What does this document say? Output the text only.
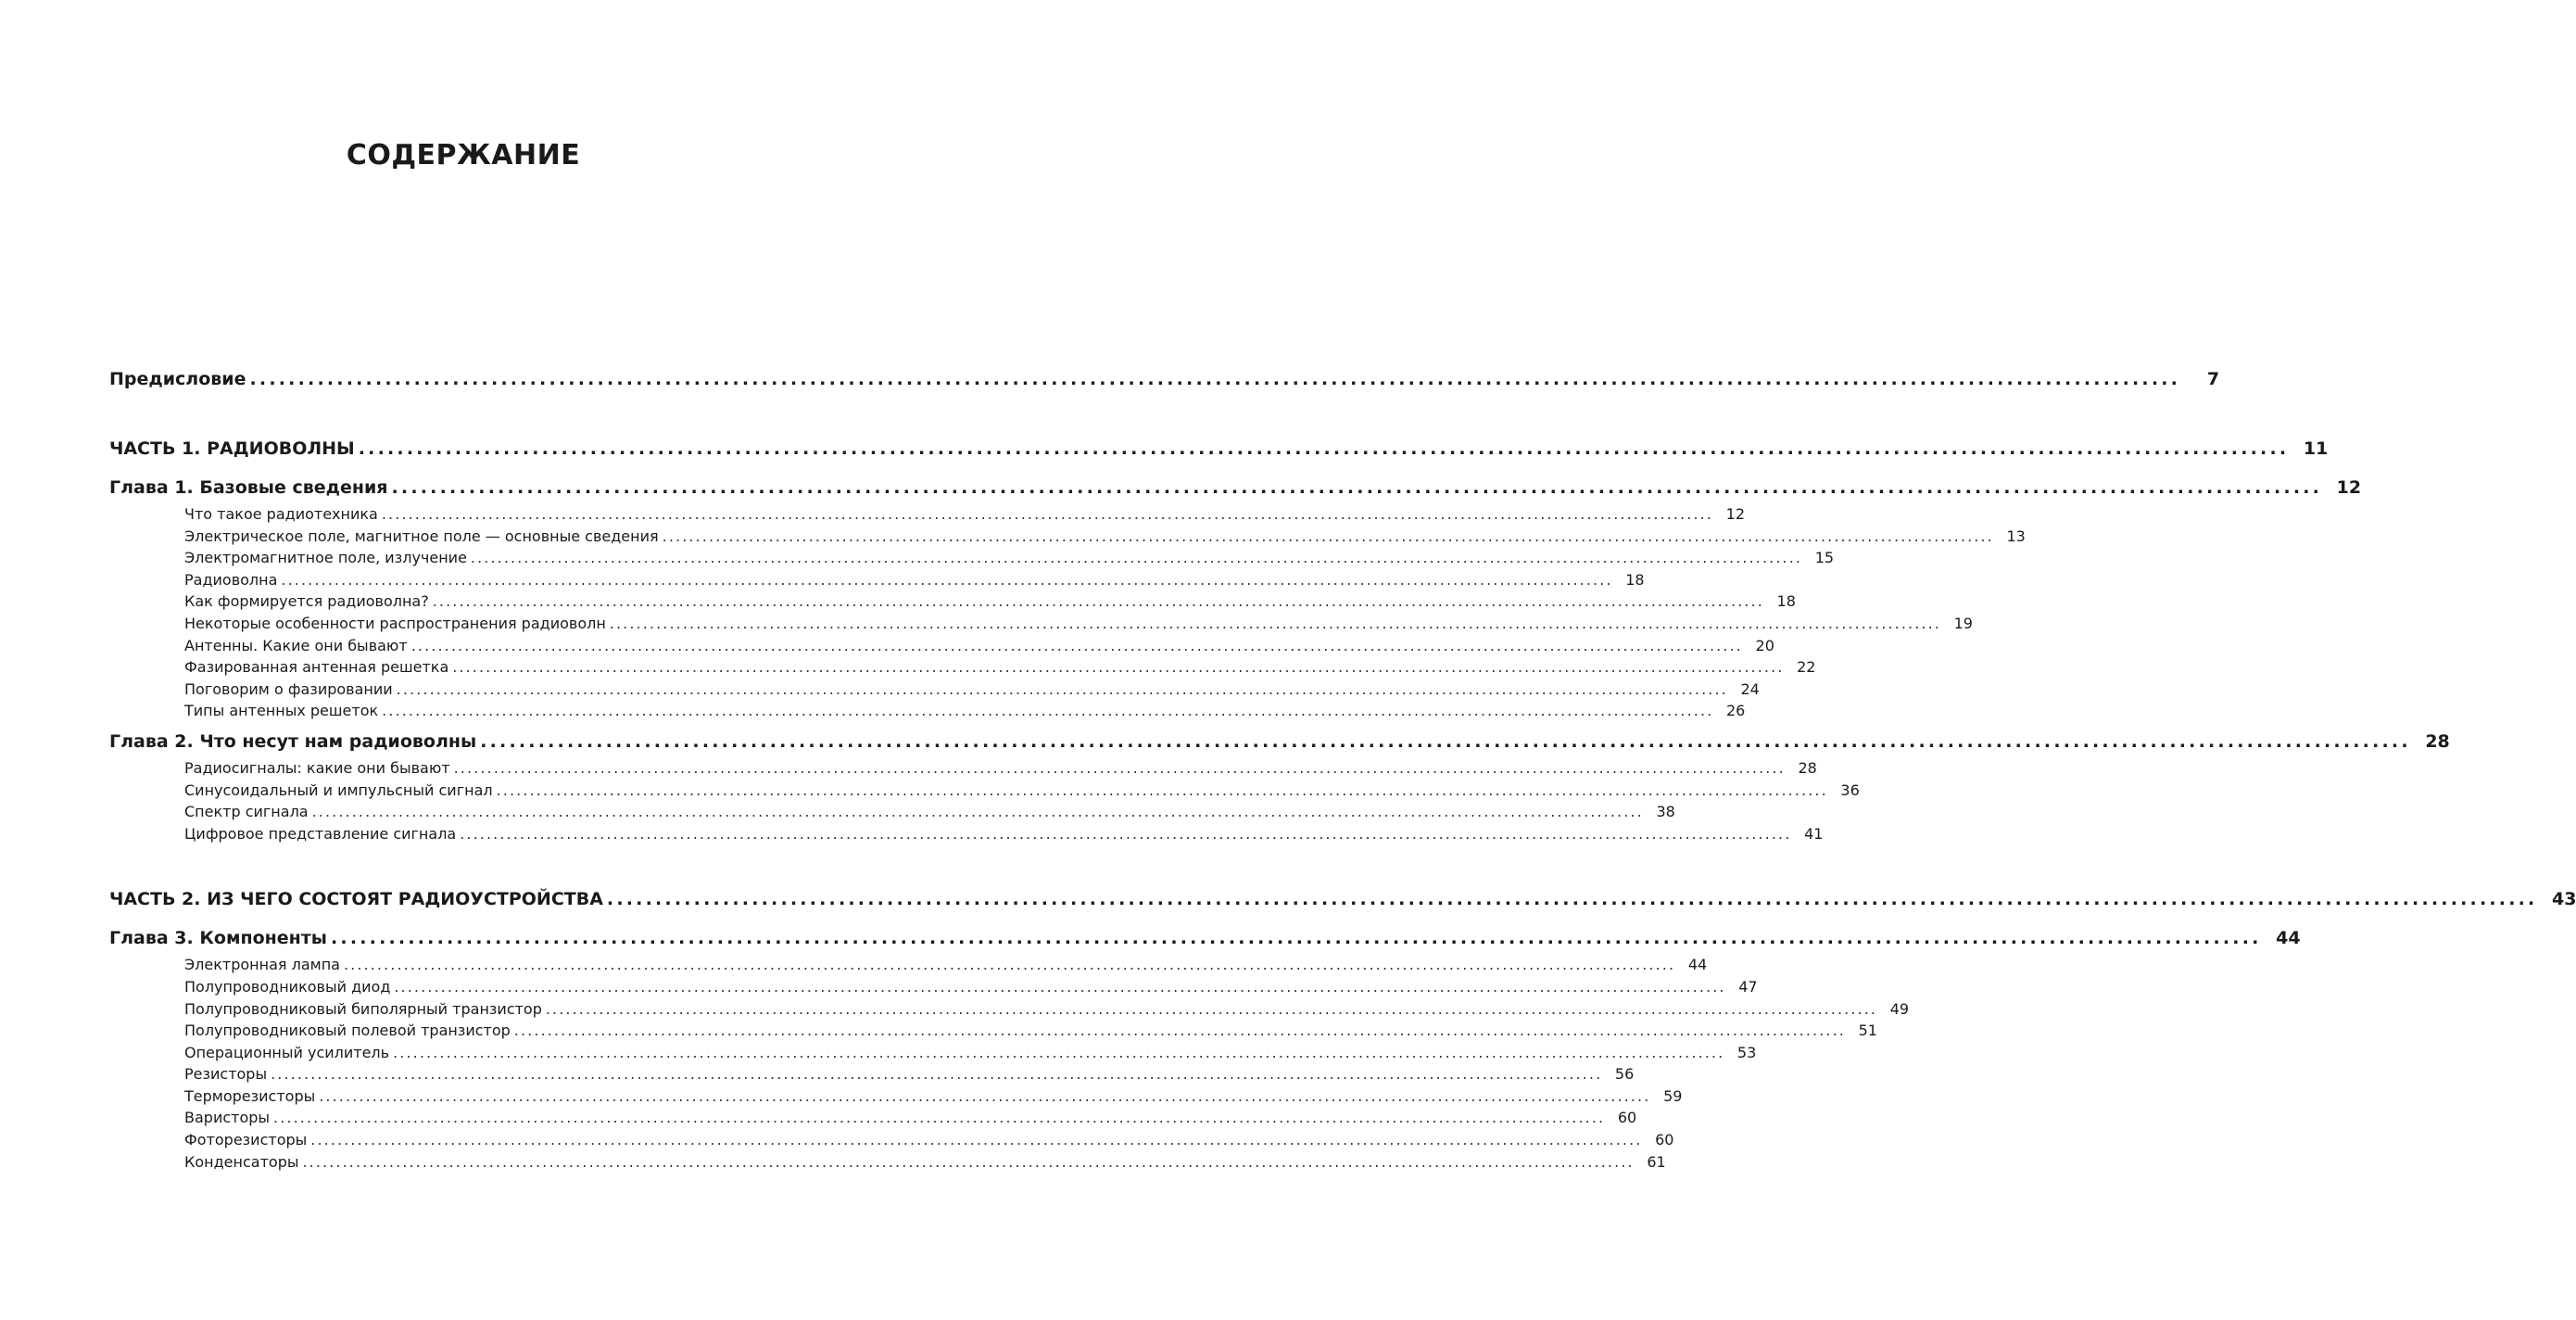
СОДЕРЖАНИЕ
Предисловие ........................................................................................................................................................................................................	7
ЧАСТЬ 1. РАДИОВОЛНЫ ........................................................................................................................................................................................................ 11
Глава 1. Базовые сведения ........................................................................................................................................................................................................ 12
Что такое радиотехника ........................................................................................................................................................................................................ 12
Электрическое поле, магнитное поле — основные сведения ........................................................................................................................................................................................................ 13
Электромагнитное поле, излучение ........................................................................................................................................................................................................ 15
Радиоволна ........................................................................................................................................................................................................ 18
Как формируется радиоволна? ........................................................................................................................................................................................................ 18
Некоторые особенности распространения радиоволн ........................................................................................................................................................................................................ 19
Антенны. Какие они бывают ........................................................................................................................................................................................................ 20
Фазированная антенная решетка ........................................................................................................................................................................................................ 22
Поговорим о фазировании ........................................................................................................................................................................................................ 24
Типы антенных решеток ........................................................................................................................................................................................................ 26
Глава 2. Что несут нам радиоволны ........................................................................................................................................................................................................ 28
Радиосигналы: какие они бывают ........................................................................................................................................................................................................ 28
Синусоидальный и импульсный сигнал ........................................................................................................................................................................................................ 36
Спектр сигнала ........................................................................................................................................................................................................ 38
Цифровое представление сигнала ........................................................................................................................................................................................................ 41
ЧАСТЬ 2. ИЗ ЧЕГО СОСТОЯТ РАДИОУСТРОЙСТВА ........................................................................................................................................................................................................ 43
Глава 3. Компоненты ........................................................................................................................................................................................................ 44
Электронная лампа ........................................................................................................................................................................................................ 44
Полупроводниковый диод ........................................................................................................................................................................................................ 47
Полупроводниковый биполярный транзистор ........................................................................................................................................................................................................ 49
Полупроводниковый полевой транзистор ........................................................................................................................................................................................................ 51
Операционный усилитель ........................................................................................................................................................................................................ 53
Резисторы ........................................................................................................................................................................................................ 56
Терморезисторы ........................................................................................................................................................................................................ 59
Варисторы ........................................................................................................................................................................................................ 60
Фоторезисторы ........................................................................................................................................................................................................ 60
Конденсаторы ........................................................................................................................................................................................................ 61
